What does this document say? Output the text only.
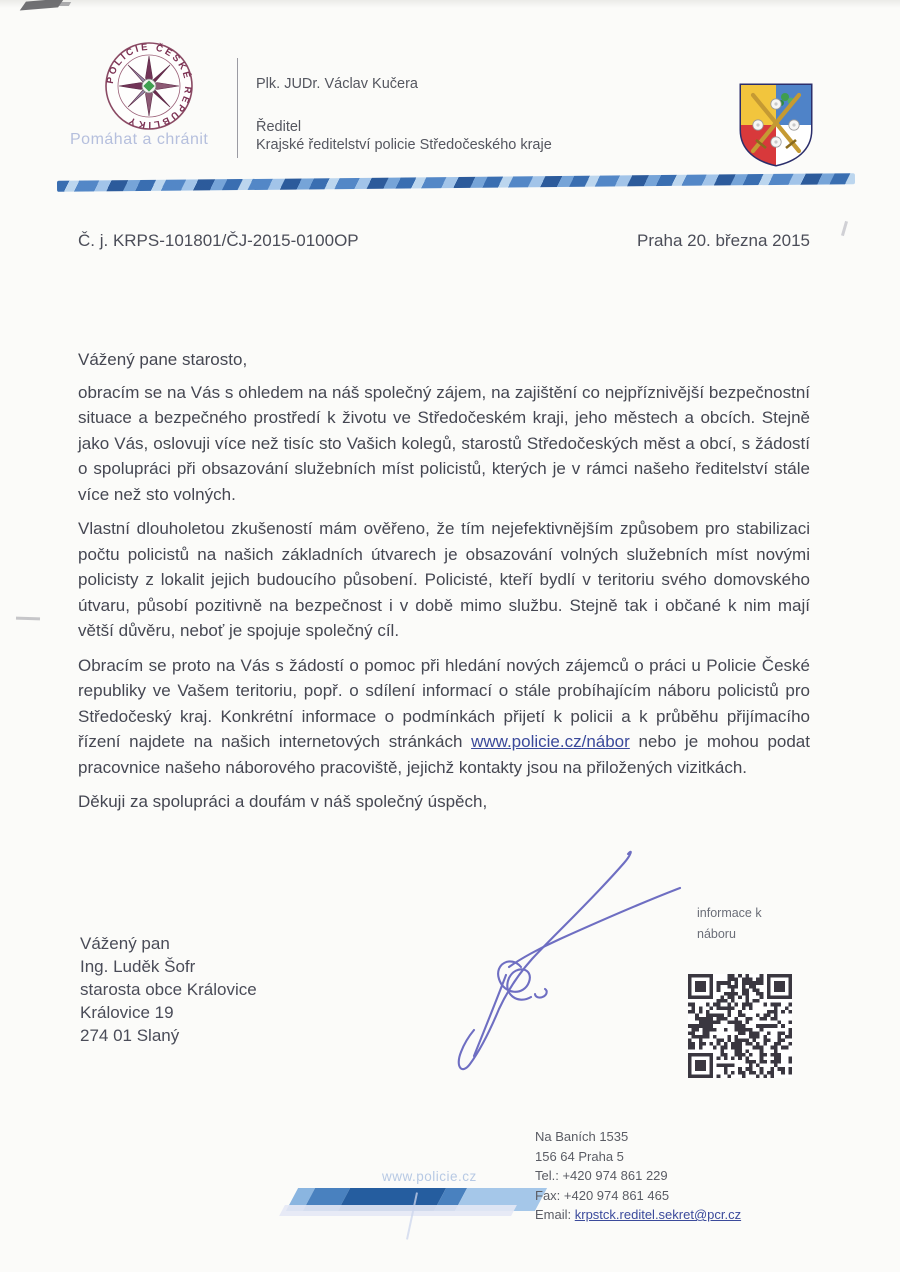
POLICIE ČESKÉ REPUBLIKY
Pomáhat a chránit
Plk. JUDr. Václav Kučera
Ředitel
Krajské ředitelství policie Středočeského kraje
Č. j. KRPS-101801/ČJ-2015-0100OP	Praha 20. března 2015

Vážený pane starosto,

obracím se na Vás s ohledem na náš společný zájem, na zajištění co nejpříznivější bezpečnostní situace a bezpečného prostředí k životu ve Středočeském kraji, jeho městech a obcích. Stejně jako Vás, oslovuji více než tisíc sto Vašich kolegů, starostů Středočeských měst a obcí, s žádostí o spolupráci při obsazování služebních míst policistů, kterých je v rámci našeho ředitelství stále více než sto volných.

Vlastní dlouholetou zkušeností mám ověřeno, že tím nejefektivnějším způsobem pro stabilizaci počtu policistů na našich základních útvarech je obsazování volných služebních míst novými policisty z lokalit jejich budoucího působení. Policisté, kteří bydlí v teritoriu svého domovského útvaru, působí pozitivně na bezpečnost i v době mimo službu. Stejně tak i občané k nim mají větší důvěru, neboť je spojuje společný cíl.

Obracím se proto na Vás s žádostí o pomoc při hledání nových zájemců o práci u Policie České republiky ve Vašem teritoriu, popř. o sdílení informací o stále probíhajícím náboru policistů pro Středočeský kraj. Konkrétní informace o podmínkách přijetí k policii a k průběhu přijímacího řízení najdete na našich internetových stránkách www.policie.cz/nábor nebo je mohou podat pracovnice našeho náborového pracoviště, jejichž kontakty jsou na přiložených vizitkách.

Děkuji za spolupráci a doufám v náš společný úspěch,

informace k
náboru
Vážený pan
Ing. Luděk Šofr
starosta obce Královice
Královice 19
274 01 Slaný
www.policie.cz
Na Baních 1535
156 64 Praha 5
Tel.: +420 974 861 229
Fax: +420 974 861 465
Email: krpstck.reditel.sekret@pcr.cz
